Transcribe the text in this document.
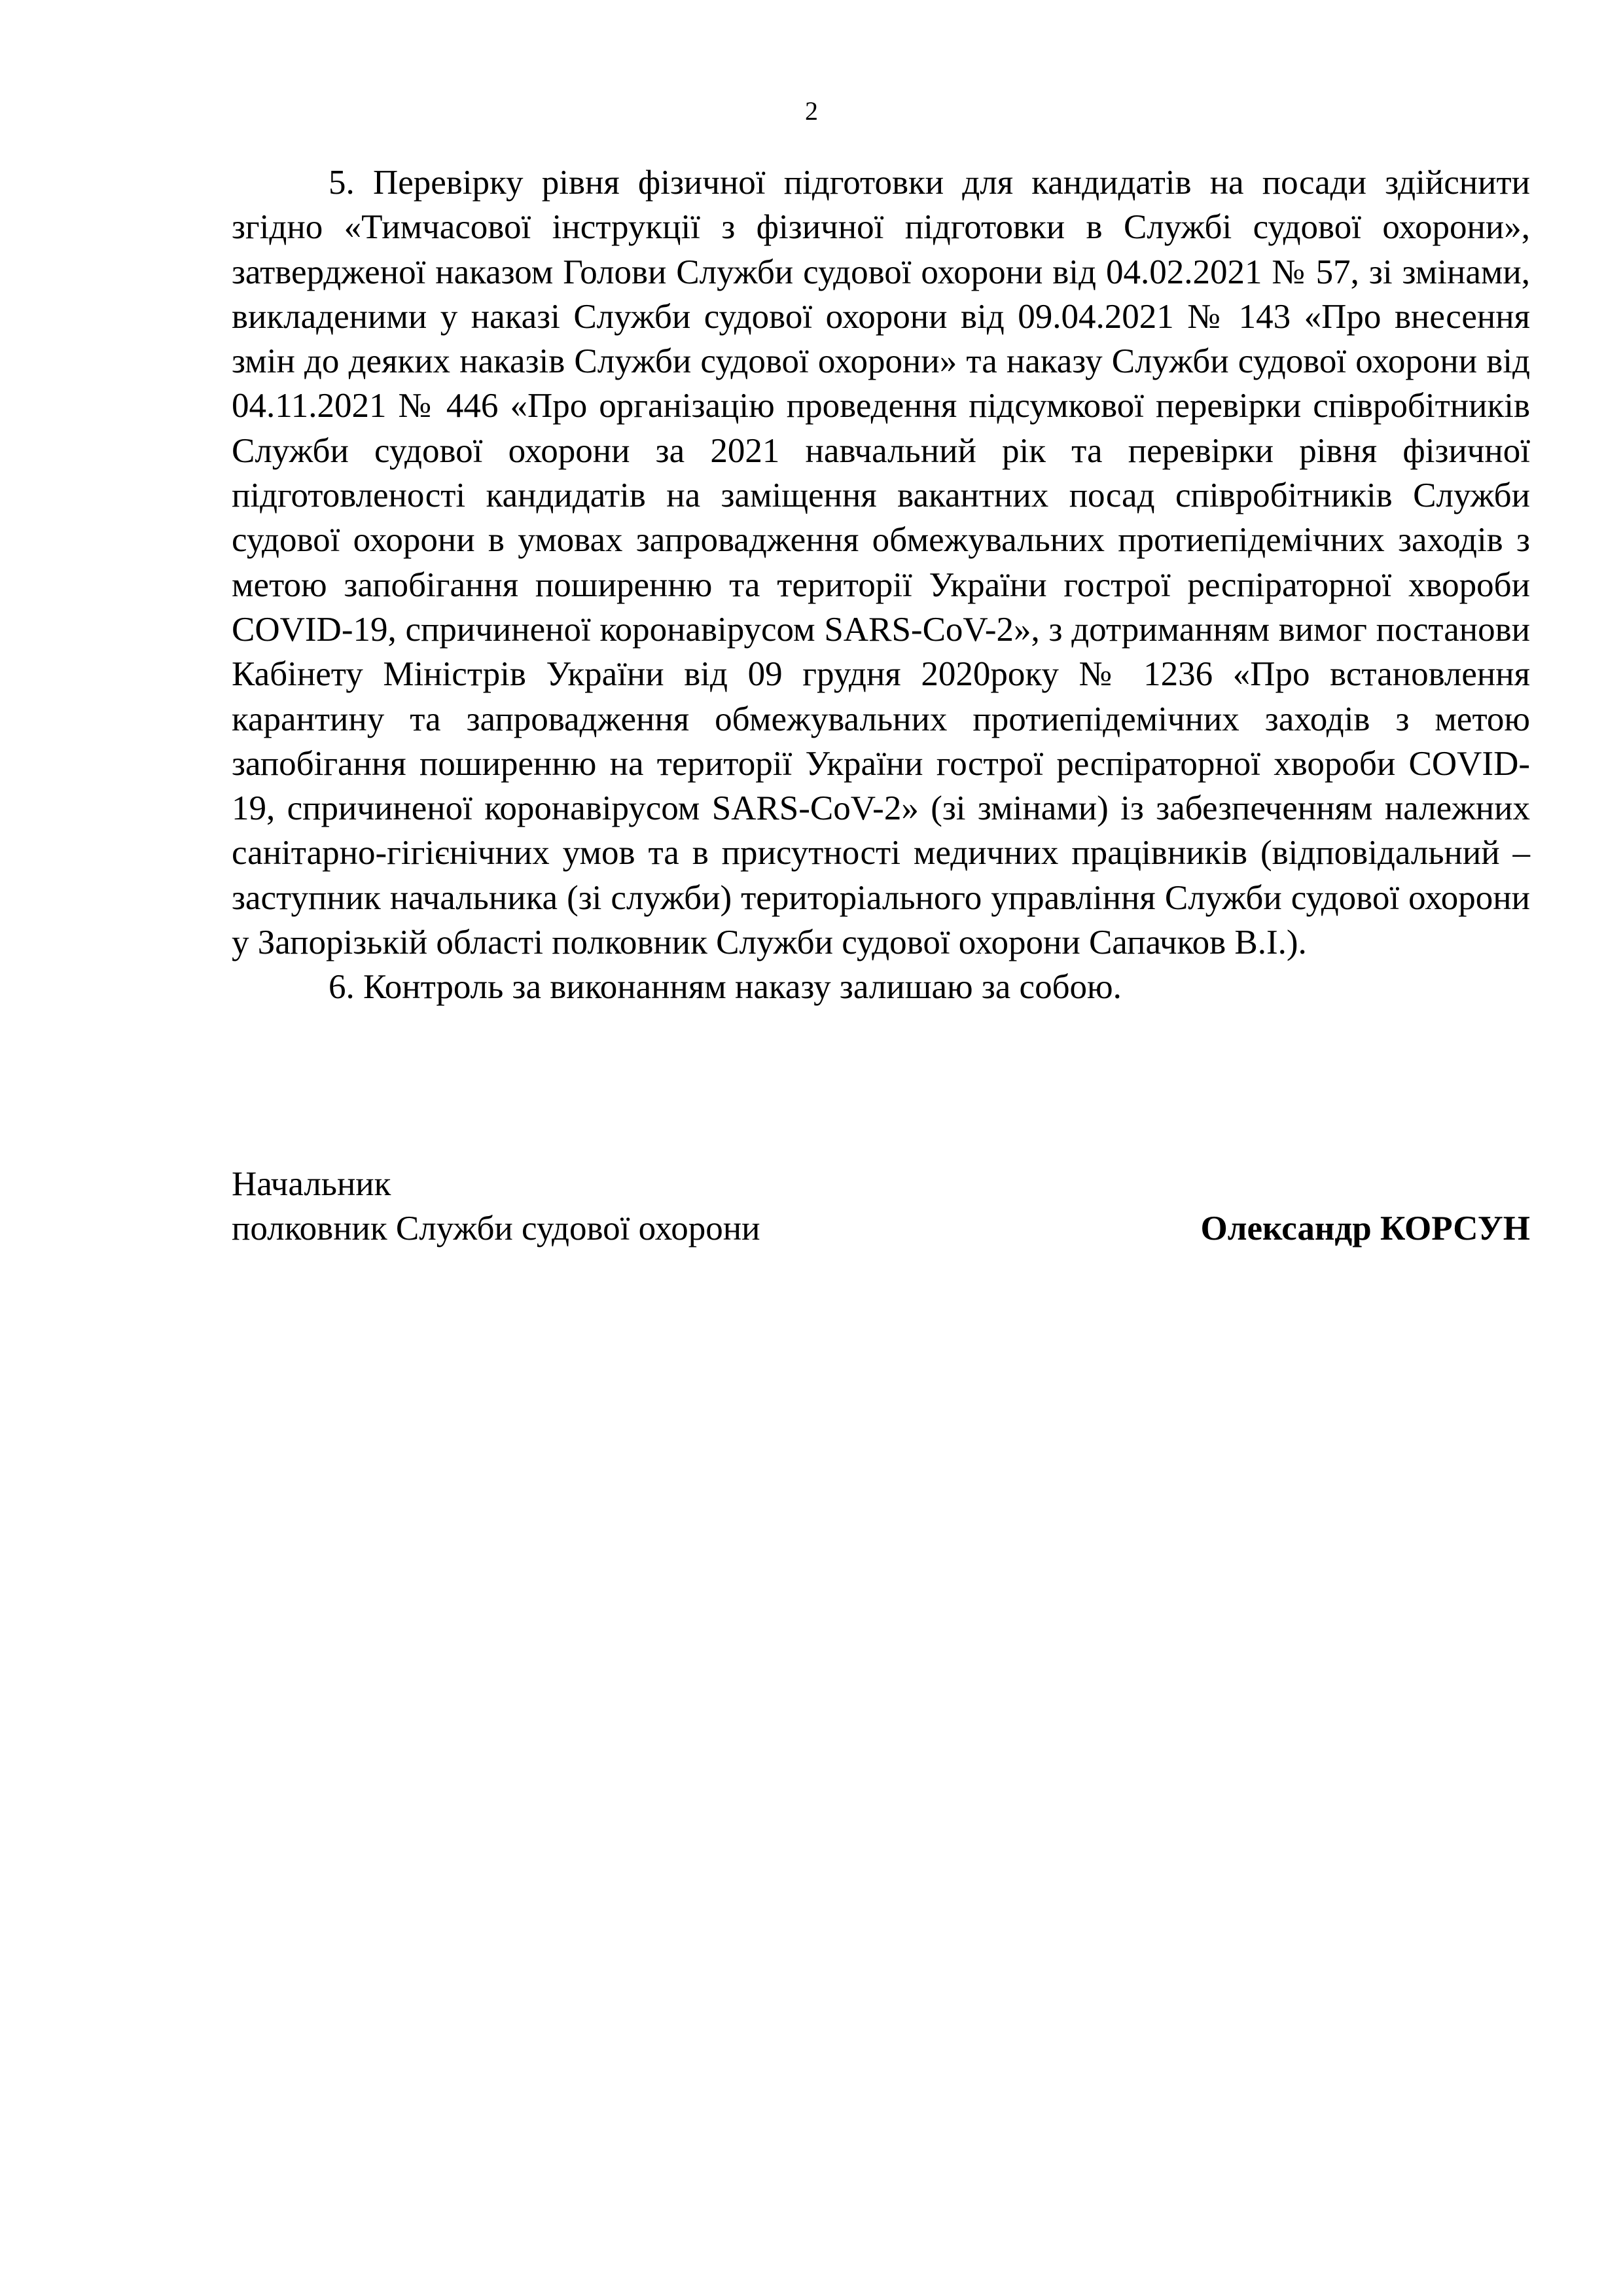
2

5. Перевірку рівня фізичної підготовки для кандидатів на посади здійснити згідно «Тимчасової інструкції з фізичної підготовки в Службі судової охорони», затвердженої наказом Голови Служби судової охорони від 04.02.2021 № 57, зі змінами, викладеними у наказі Служби судової охорони від 09.04.2021 № 143 «Про внесення змін до деяких наказів Служби судової охорони» та наказу Служби судової охорони від 04.11.2021 № 446 «Про організацію проведення підсумкової перевірки співробітників Служби судової охорони за 2021 навчальний рік та перевірки рівня фізичної підготовленості кандидатів на заміщення вакантних посад співробітників Служби судової охорони в умовах запровадження обмежувальних протиепідемічних заходів з метою запобігання поширенню та території України гострої респіраторної хвороби COVID-19, спричиненої коронавірусом SARS-CoV-2», з дотриманням вимог постанови Кабінету Міністрів України від 09 грудня 2020року № 1236 «Про встановлення карантину та запровадження обмежувальних протиепідемічних заходів з метою запобігання поширенню на території України гострої респіраторної хвороби COVID-19, спричиненої коронавірусом SARS-CoV-2» (зі змінами) із забезпеченням належних санітарно-гігієнічних умов та в присутності медичних працівників (відповідальний – заступник начальника (зі служби) територіального управління Служби судової охорони у Запорізькій області полковник Служби судової охорони Сапачков В.І.).

6. Контроль за виконанням наказу залишаю за собою.

Начальник
полковник Служби судової охорони	Олександр КОРСУН
